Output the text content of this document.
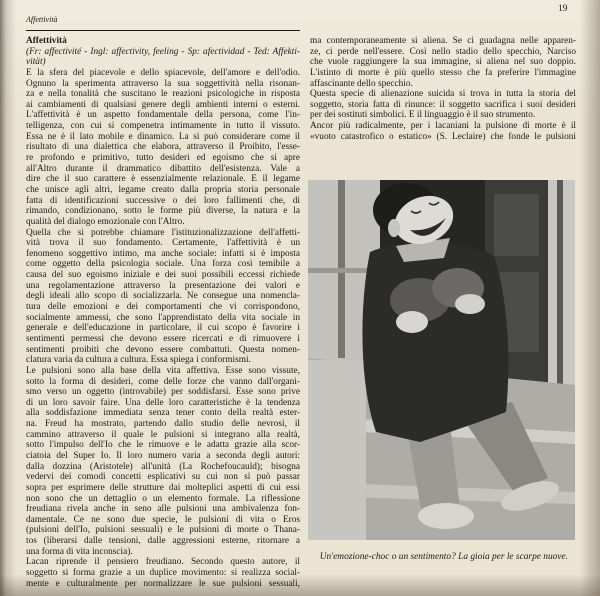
Affettività
19
Affettività
(Fr: affectivité - Ingl: affectivity, feeling - Sp: afectividad - Ted: Affekti-
vität)
È la sfera del piacevole e dello spiacevole, dell'amore e dell'odio.
Ognuno la sperimenta attraverso la sua soggettività nella risonan-
za e nella tonalità che suscitano le reazioni psicologiche in risposta
ai cambiamenti di qualsiasi genere degli ambienti interni o esterni.
L'affettività è un aspetto fondamentale della persona, come l'in-
telligenza, con cui si compenetra intimamente in tutto il vissuto.
Essa ne è il lato mobile e dinamico. La si può considerare come il
risultato di una dialettica che elabora, attraverso il Proibito, l'esse-
re profondo e primitivo, tutto desideri ed egoismo che si apre
all'Altro durante il drammatico dibattito dell'esistenza. Vale a
dire che il suo carattere è essenzialmente relazionale. È il legame
che unisce agli altri, legame creato dalla propria storia personale
fatta di identificazioni successive o dei loro fallimenti che, di
rimando, condizionano, sotto le forme più diverse, la natura e la
qualità del dialogo emozionale con l'Altro.
Quella che si potrebbe chiamare l'istituzionalizzazione dell'affetti-
vità trova il suo fondamento. Certamente, l'affettività è un
fenomeno soggettivo intimo, ma anche sociale: infatti si è imposta
come oggetto della psicologia sociale. Una forza così temibile a
causa del suo egoismo iniziale e dei suoi possibili eccessi richiede
una regolamentazione attraverso la presentazione dei valori e
degli ideali allo scopo di socializzarla. Ne consegue una nomencla-
tura delle emozioni e dei comportamenti che vi corrispondono,
socialmente ammessi, che sono l'apprendistato della vita sociale in
generale e dell'educazione in particolare, il cui scopo è favorire i
sentimenti permessi che devono essere ricercati e di rimuovere i
sentimenti proibiti che devono essere combattuti. Questa nomen-
clatura varia da cultura a cultura. Essa spiega i conformismi.
Le pulsioni sono alla base della vita affettiva. Esse sono vissute,
sotto la forma di desideri, come delle forze che vanno dall'organi-
smo verso un oggetto (introvabile) per soddisfarsi. Esse sono prive
di un loro savoir faire. Una delle loro caratteristiche è la tendenza
alla soddisfazione immediata senza tener conto della realtà ester-
na. Freud ha mostrato, partendo dallo studio delle nevrosi, il
cammino attraverso il quale le pulsioni si integrano alla realtà,
sotto l'impulso dell'Io che le rimuove e le adatta grazie alla scor-
ciatoia del Super Io. Il loro numero varia a seconda degli autori:
dalla dozzina (Aristotele) all'unità (La Rochefoucauld); bisogna
vedervi dei comodi concetti esplicativi su cui non si può passar
sopra per esprimere delle strutture dai molteplici aspetti di cui essi
non sono che un dettaglio o un elemento formale. La riflessione
freudiana rivela anche in seno alle pulsioni una ambivalenza fon-
damentale. Ce ne sono due specie, le pulsioni di vita o Eros
(pulsioni dell'Io, pulsioni sessuali) e le pulsioni di morte o Thana-
tos (liberarsi dalle tensioni, dalle aggressioni esterne, ritornare a
una forma di vita inconscia).
Lacan riprende il pensiero freudiano. Secondo questo autore, il
soggetto si forma grazie a un duplice movimento: si realizza social-
mente e culturalmente per normalizzare le sue pulsioni sessuali,
ma contemporaneamente si aliena. Se ci guadagna nelle apparen-
ze, ci perde nell'essere. Così nello stadio dello specchio, Narciso
che vuole raggiungere la sua immagine, si aliena nel suo doppio.
L'istinto di morte è più quello stesso che fa preferire l'immagine
affascinante dello specchio.
Questa specie di alienazione suicida si trova in tutta la storia del
soggetto, storia fatta di rinunce: il soggetto sacrifica i suoi desideri
per dei sostituti simbolici. E il linguaggio è il suo strumento.
Ancor più radicalmente, per i lacaniani la pulsione di morte è il
«vuoto catastrofico o estatico» (S. Leclaire) che fonde le pulsioni
Un'emozione-choc o un sentimento? La gioia per le scarpe nuove.
